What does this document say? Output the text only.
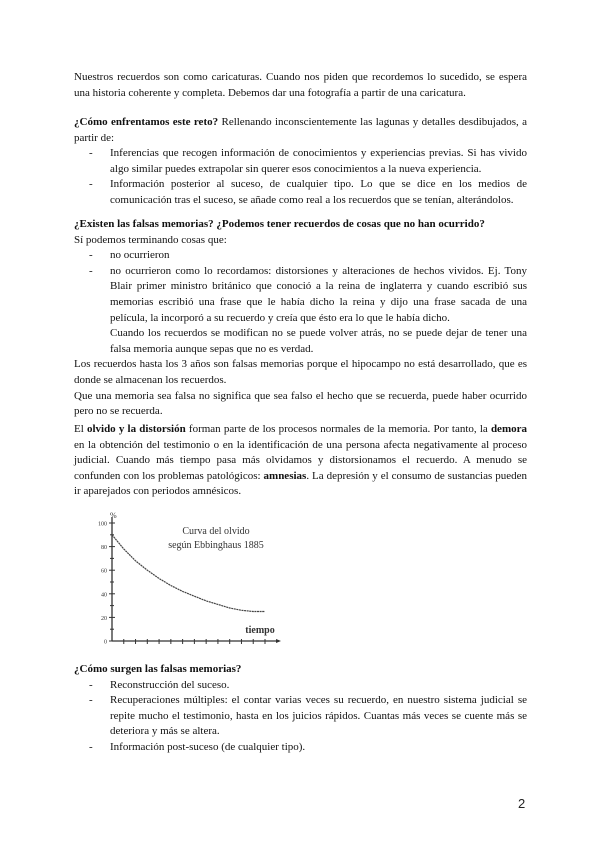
Nuestros recuerdos son como caricaturas. Cuando nos piden que recordemos lo sucedido, se espera una historia coherente y completa. Debemos dar una fotografía a partir de una caricatura.

¿Cómo enfrentamos este reto? Rellenando inconscientemente las lagunas y detalles desdibujados, a partir de:

- Inferencias que recogen información de conocimientos y experiencias previas. Si has vivido algo similar puedes extrapolar sin querer esos conocimientos a la nueva experiencia.
- Información posterior al suceso, de cualquier tipo. Lo que se dice en los medios de comunicación tras el suceso, se añade como real a los recuerdos que se tenían, alterándolos.

¿Existen las falsas memorias? ¿Podemos tener recuerdos de cosas que no han ocurrido?

Sí podemos terminando cosas que:

- no ocurrieron
- no ocurrieron como lo recordamos: distorsiones y alteraciones de hechos vividos. Ej. Tony Blair primer ministro británico que conoció a la reina de inglaterra y cuando escribió sus memorias escribió una frase que le había dicho la reina y dijo una frase sacada de una película, la incorporó a su recuerdo y creía que ésto era lo que le había dicho.

Cuando los recuerdos se modifican no se puede volver atrás, no se puede dejar de tener una falsa memoria aunque sepas que no es verdad.

Los recuerdos hasta los 3 años son falsas memorias porque el hipocampo no está desarrollado, que es donde se almacenan los recuerdos.

Que una memoria sea falsa no significa que sea falso el hecho que se recuerda, puede haber ocurrido pero no se recuerda.

El olvido y la distorsión forman parte de los procesos normales de la memoria. Por tanto, la demora en la obtención del testimonio o en la identificación de una persona afecta negativamente al proceso judicial. Cuando más tiempo pasa más olvidamos y distorsionamos el recuerdo. A menudo se confunden con los problemas patológicos: amnesias. La depresión y el consumo de sustancias pueden ir aparejados con periodos amnésicos.

0
20
40
60
80
100
%
Curva del olvido
según Ebbinghaus 1885
tiempo

¿Cómo surgen las falsas memorias?

- Reconstrucción del suceso.
- Recuperaciones múltiples: el contar varias veces su recuerdo, en nuestro sistema judicial se repite mucho el testimonio, hasta en los juicios rápidos. Cuantas más veces se cuente más se deteriora y más se altera.
- Información post-suceso (de cualquier tipo).
2
